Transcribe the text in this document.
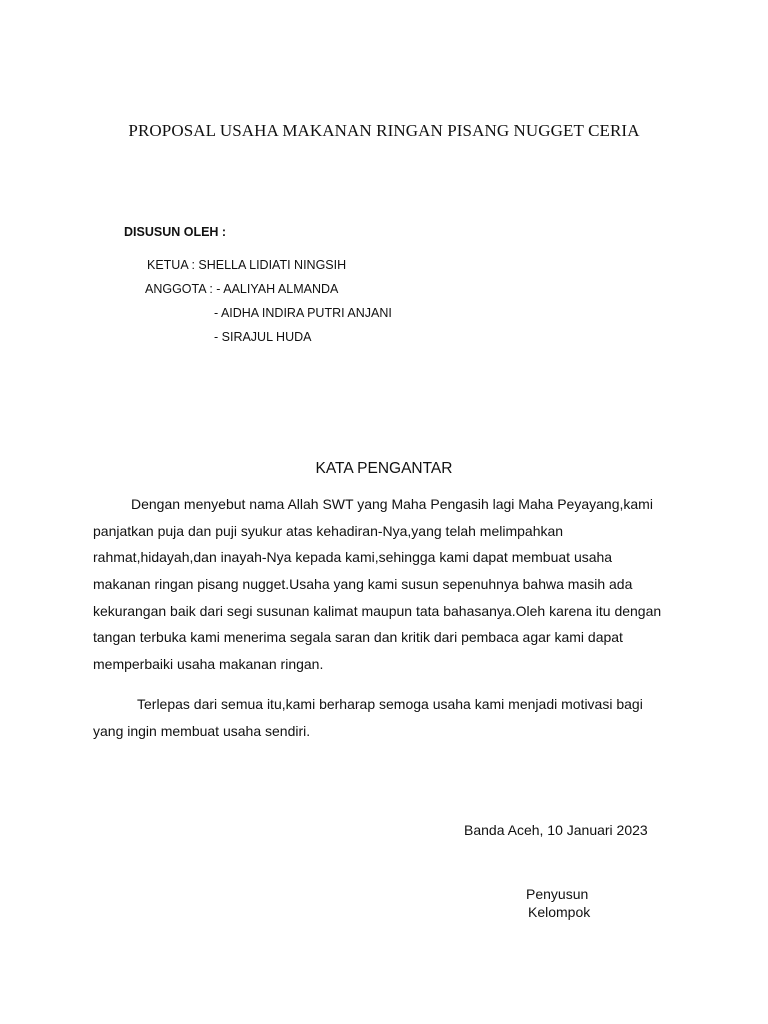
PROPOSAL USAHA MAKANAN RINGAN PISANG NUGGET CERIA
DISUSUN OLEH :
KETUA : SHELLA LIDIATI NINGSIH
ANGGOTA : - AALIYAH ALMANDA
- AIDHA INDIRA PUTRI ANJANI
- SIRAJUL HUDA
KATA PENGANTAR
Dengan menyebut nama Allah SWT yang Maha Pengasih lagi Maha Peyayang,kami
panjatkan puja dan puji syukur atas kehadiran-Nya,yang telah melimpahkan
rahmat,hidayah,dan inayah-Nya kepada kami,sehingga kami dapat membuat usaha
makanan ringan pisang nugget.Usaha yang kami susun sepenuhnya bahwa masih ada
kekurangan baik dari segi susunan kalimat maupun tata bahasanya.Oleh karena itu dengan
tangan terbuka kami menerima segala saran dan kritik dari pembaca agar kami dapat
memperbaiki usaha makanan ringan.
Terlepas dari semua itu,kami berharap semoga usaha kami menjadi motivasi bagi
yang ingin membuat usaha sendiri.
Banda Aceh, 10 Januari 2023
Penyusun
Kelompok
